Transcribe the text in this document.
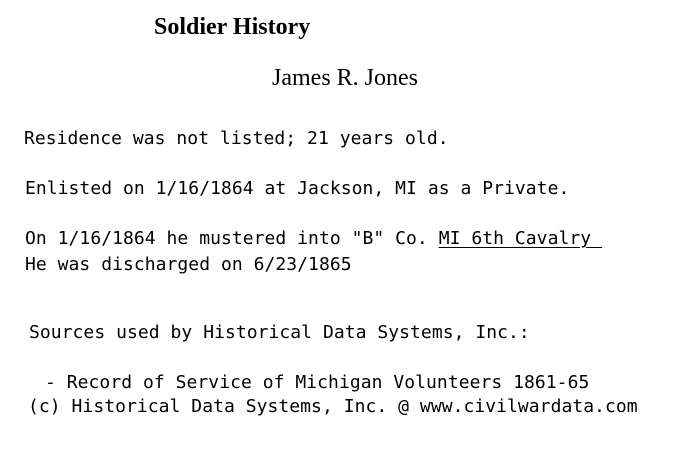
Soldier History
James R. Jones
Residence was not listed; 21 years old.
Enlisted on 1/16/1864 at Jackson, MI as a Private.
On 1/16/1864 he mustered into "B" Co. MI 6th Cavalry
He was discharged on 6/23/1865
Sources used by Historical Data Systems, Inc.:
- Record of Service of Michigan Volunteers 1861-65
(c) Historical Data Systems, Inc. @ www.civilwardata.com
